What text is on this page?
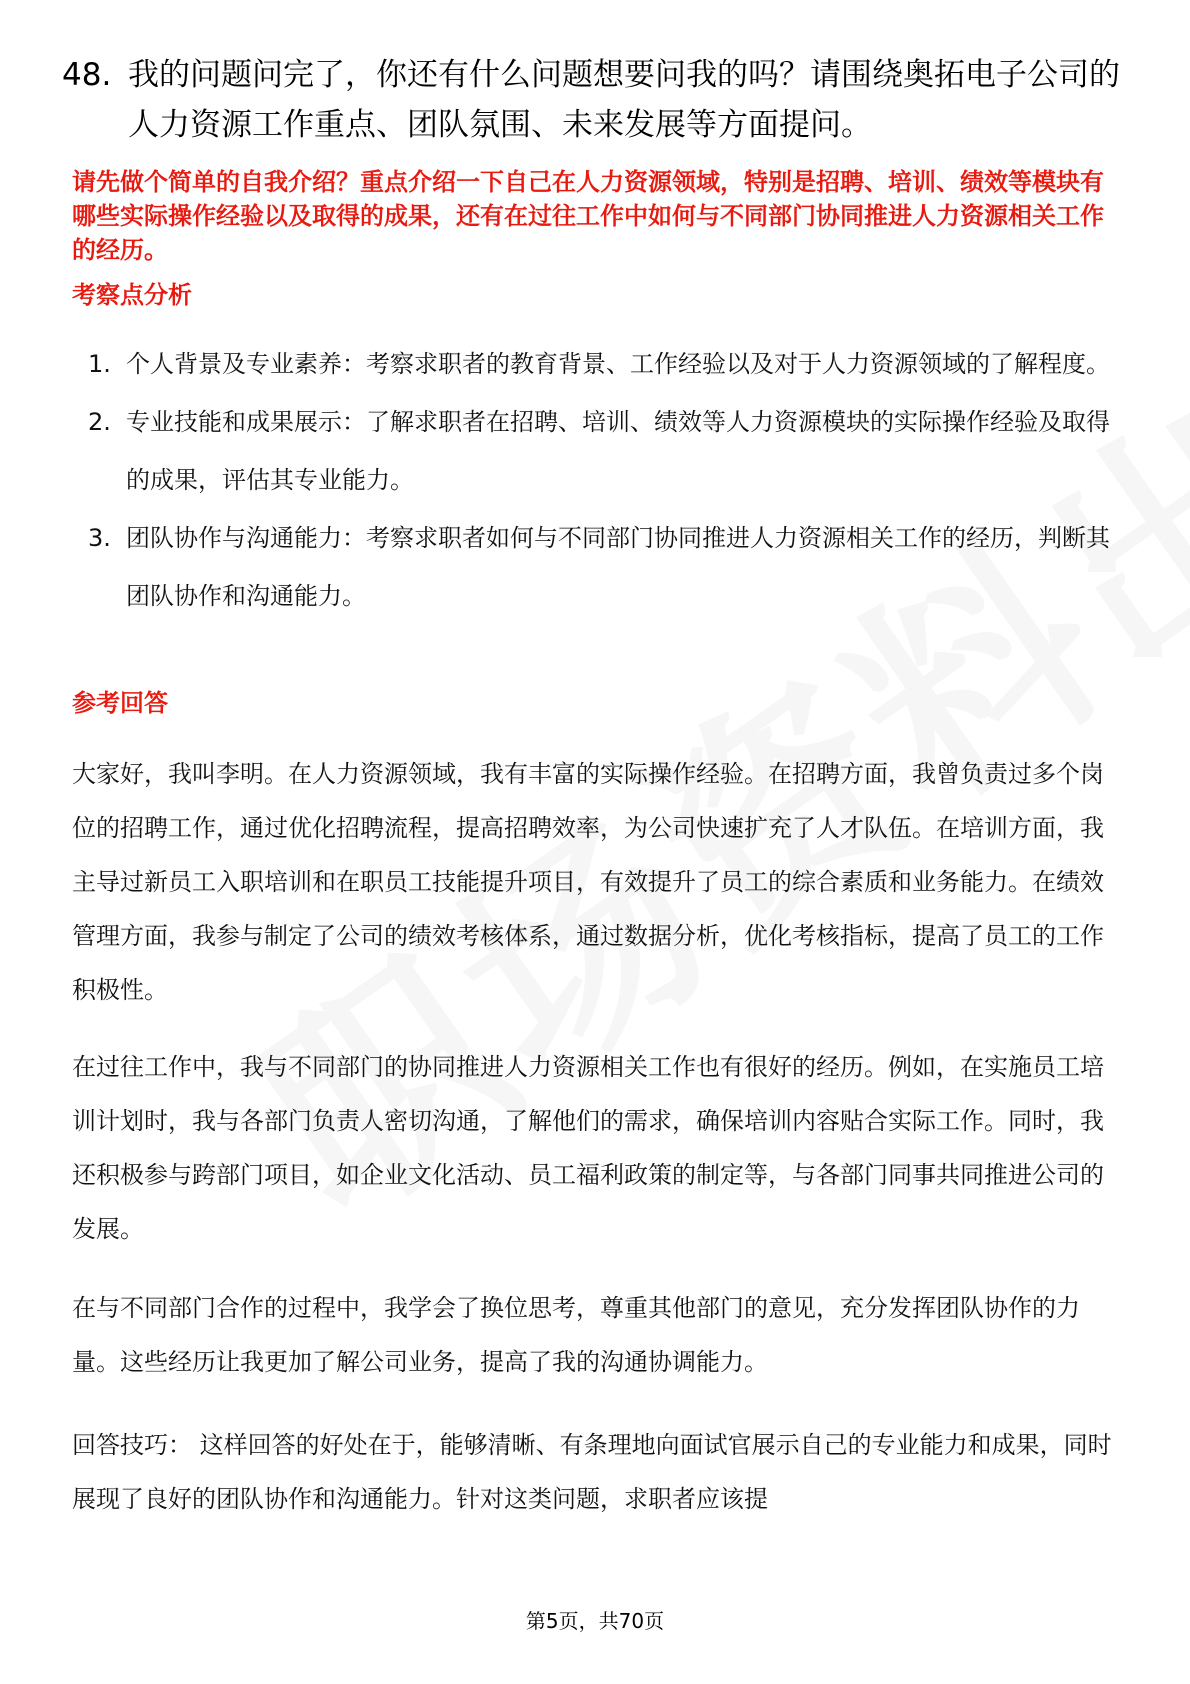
48. 我的问题问完了，你还有什么问题想要问我的吗？请围绕奥拓电子公司的人力资源工作重点、团队氛围、未来发展等方面提问。
请先做个简单的自我介绍？重点介绍一下自己在人力资源领域，特别是招聘、培训、绩效等模块有哪些实际操作经验以及取得的成果，还有在过往工作中如何与不同部门协同推进人力资源相关工作的经历。
考察点分析
1. 个人背景及专业素养：考察求职者的教育背景、工作经验以及对于人力资源领域的了解程度。
2. 专业技能和成果展示：了解求职者在招聘、培训、绩效等人力资源模块的实际操作经验及取得的成果，评估其专业能力。
3. 团队协作与沟通能力：考察求职者如何与不同部门协同推进人力资源相关工作的经历，判断其团队协作和沟通能力。
参考回答

大家好，我叫李明。在人力资源领域，我有丰富的实际操作经验。在招聘方面，我曾负责过多个岗位的招聘工作，通过优化招聘流程，提高招聘效率，为公司快速扩充了人才队伍。在培训方面，我主导过新员工入职培训和在职员工技能提升项目，有效提升了员工的综合素质和业务能力。在绩效管理方面，我参与制定了公司的绩效考核体系，通过数据分析，优化考核指标，提高了员工的工作积极性。

在过往工作中，我与不同部门的协同推进人力资源相关工作也有很好的经历。例如，在实施员工培训计划时，我与各部门负责人密切沟通，了解他们的需求，确保培训内容贴合实际工作。同时，我还积极参与跨部门项目，如企业文化活动、员工福利政策的制定等，与各部门同事共同推进公司的发展。

在与不同部门合作的过程中，我学会了换位思考，尊重其他部门的意见，充分发挥团队协作的力量。这些经历让我更加了解公司业务，提高了我的沟通协调能力。

回答技巧： 这样回答的好处在于，能够清晰、有条理地向面试官展示自己的专业能力和成果，同时展现了良好的团队协作和沟通能力。针对这类问题，求职者应该提

第5页，共70页
